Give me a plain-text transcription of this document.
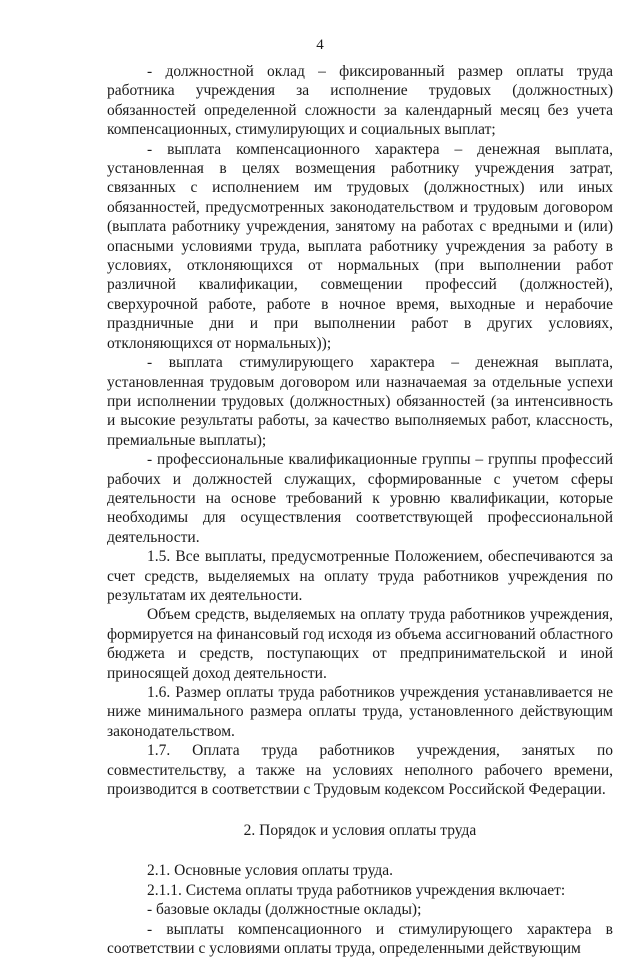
4

- должностной оклад – фиксированный размер оплаты труда работника учреждения за исполнение трудовых (должностных) обязанностей определенной сложности за календарный месяц без учета компенсационных, стимулирующих и социальных выплат;

- выплата компенсационного характера – денежная выплата, установленная в целях возмещения работнику учреждения затрат, связанных с исполнением им трудовых (должностных) или иных обязанностей, предусмотренных законодательством и трудовым договором (выплата работнику учреждения, занятому на работах с вредными и (или) опасными условиями труда, выплата работнику учреждения за работу в условиях, отклоняющихся от нормальных (при выполнении работ различной квалификации, совмещении профессий (должностей), сверхурочной работе, работе в ночное время, выходные и нерабочие праздничные дни и при выполнении работ в других условиях, отклоняющихся от нормальных));

- выплата стимулирующего характера – денежная выплата, установленная трудовым договором или назначаемая за отдельные успехи при исполнении трудовых (должностных) обязанностей (за интенсивность и высокие результаты работы, за качество выполняемых работ, классность, премиальные выплаты);

- профессиональные квалификационные группы – группы профессий рабочих и должностей служащих, сформированные с учетом сферы деятельности на основе требований к уровню квалификации, которые необходимы для осуществления соответствующей профессиональной деятельности.

1.5. Все выплаты, предусмотренные Положением, обеспечиваются за счет средств, выделяемых на оплату труда работников учреждения по результатам их деятельности.

Объем средств, выделяемых на оплату труда работников учреждения, формируется на финансовый год исходя из объема ассигнований областного бюджета и средств, поступающих от предпринимательской и иной приносящей доход деятельности.

1.6. Размер оплаты труда работников учреждения устанавливается не ниже минимального размера оплаты труда, установленного действующим законодательством.

1.7. Оплата труда работников учреждения, занятых по совместительству, а также на условиях неполного рабочего времени, производится в соответствии с Трудовым кодексом Российской Федерации.

2. Порядок и условия оплаты труда

2.1. Основные условия оплаты труда.

2.1.1. Система оплаты труда работников учреждения включает:

- базовые оклады (должностные оклады);

- выплаты компенсационного и стимулирующего характера в соответствии с условиями оплаты труда, определенными действующим
